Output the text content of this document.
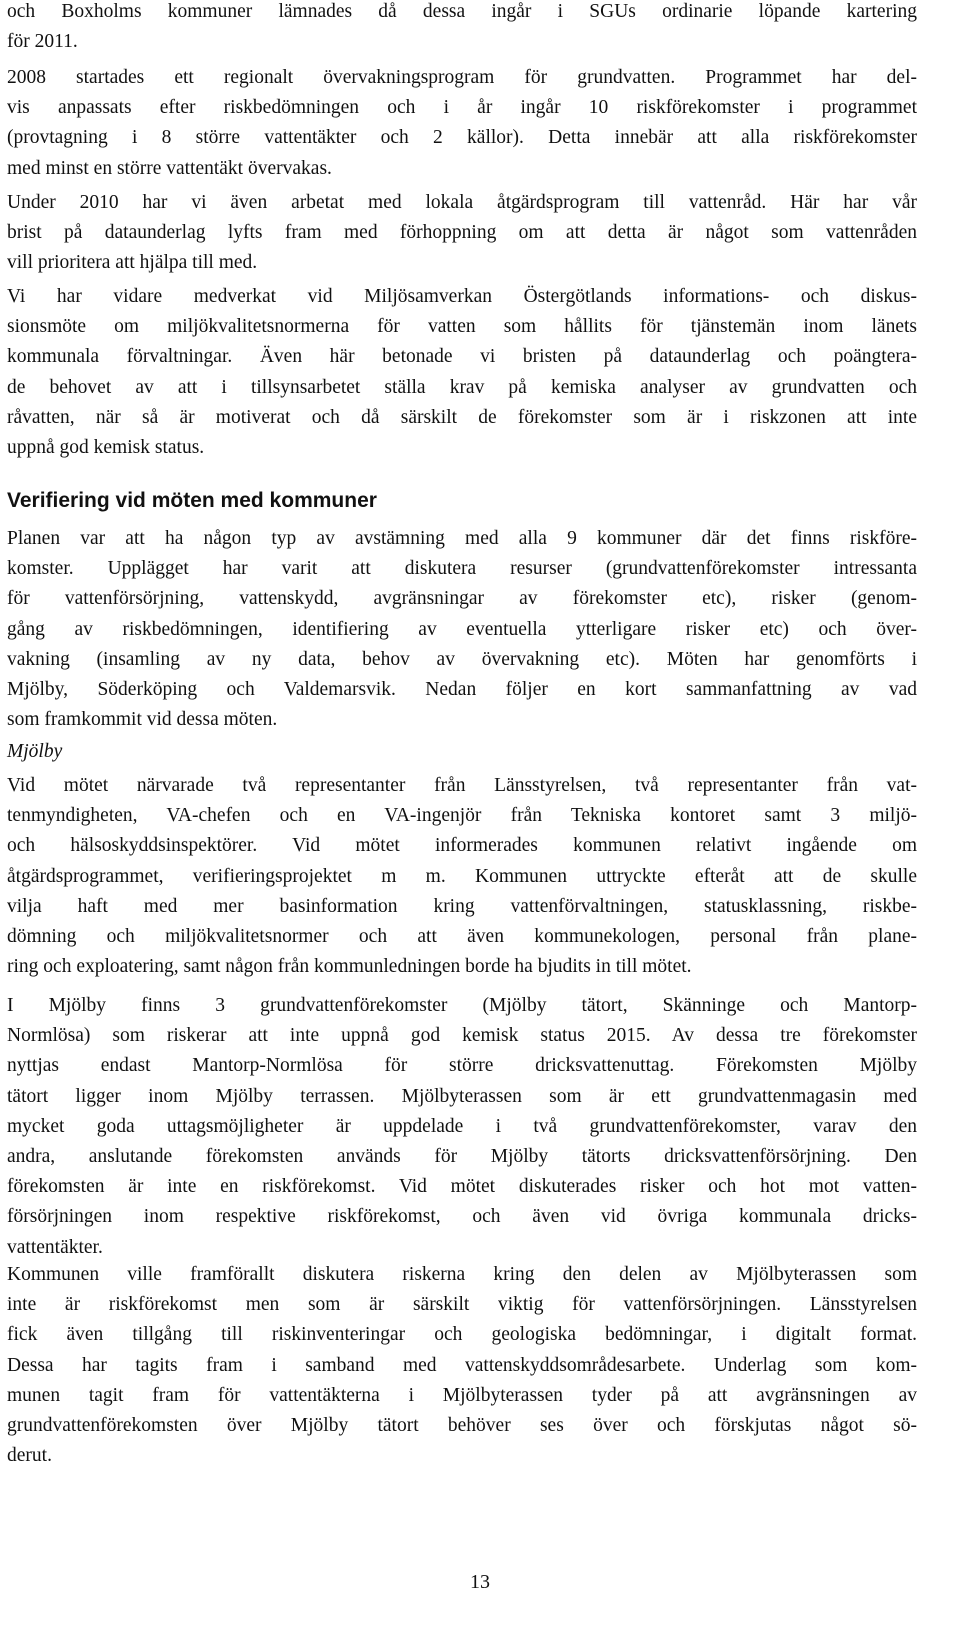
och Boxholms kommuner lämnades då dessa ingår i SGUs ordinarie löpande kartering
för 2011.
2008 startades ett regionalt övervakningsprogram för grundvatten. Programmet har del-
vis anpassats efter riskbedömningen och i år ingår 10 riskförekomster i programmet
(provtagning i 8 större vattentäkter och 2 källor). Detta innebär att alla riskförekomster
med minst en större vattentäkt övervakas.
Under 2010 har vi även arbetat med lokala åtgärdsprogram till vattenråd. Här har vår
brist på dataunderlag lyfts fram med förhoppning om att detta är något som vattenråden
vill prioritera att hjälpa till med.
Vi har vidare medverkat vid Miljösamverkan Östergötlands informations- och diskus-
sionsmöte om miljökvalitetsnormerna för vatten som hållits för tjänstemän inom länets
kommunala förvaltningar. Även här betonade vi bristen på dataunderlag och poängtera-
de behovet av att i tillsynsarbetet ställa krav på kemiska analyser av grundvatten och
råvatten, när så är motiverat och då särskilt de förekomster som är i riskzonen att inte
uppnå god kemisk status.
Verifiering vid möten med kommuner
Planen var att ha någon typ av avstämning med alla 9 kommuner där det finns riskföre-
komster. Upplägget har varit att diskutera resurser (grundvattenförekomster intressanta
för vattenförsörjning, vattenskydd, avgränsningar av förekomster etc), risker (genom-
gång av riskbedömningen, identifiering av eventuella ytterligare risker etc) och över-
vakning (insamling av ny data, behov av övervakning etc). Möten har genomförts i
Mjölby, Söderköping och Valdemarsvik. Nedan följer en kort sammanfattning av vad
som framkommit vid dessa möten.
Mjölby
Vid mötet närvarade två representanter från Länsstyrelsen, två representanter från vat-
tenmyndigheten, VA-chefen och en VA-ingenjör från Tekniska kontoret samt 3 miljö-
och hälsoskyddsinspektörer. Vid mötet informerades kommunen relativt ingående om
åtgärdsprogrammet, verifieringsprojektet m m. Kommunen uttryckte efteråt att de skulle
vilja haft med mer basinformation kring vattenförvaltningen, statusklassning, riskbe-
dömning och miljökvalitetsnormer och att även kommunekologen, personal från plane-
ring och exploatering, samt någon från kommunledningen borde ha bjudits in till mötet.
I Mjölby finns 3 grundvattenförekomster (Mjölby tätort, Skänninge och Mantorp-
Normlösa) som riskerar att inte uppnå god kemisk status 2015. Av dessa tre förekomster
nyttjas endast Mantorp-Normlösa för större dricksvattenuttag. Förekomsten Mjölby
tätort ligger inom Mjölby terrassen. Mjölbyterassen som är ett grundvattenmagasin med
mycket goda uttagsmöjligheter är uppdelade i två grundvattenförekomster, varav den
andra, anslutande förekomsten används för Mjölby tätorts dricksvattenförsörjning. Den
förekomsten är inte en riskförekomst. Vid mötet diskuterades risker och hot mot vatten-
försörjningen inom respektive riskförekomst, och även vid övriga kommunala dricks-
vattentäkter.
Kommunen ville framförallt diskutera riskerna kring den delen av Mjölbyterassen som
inte är riskförekomst men som är särskilt viktig för vattenförsörjningen. Länsstyrelsen
fick även tillgång till riskinventeringar och geologiska bedömningar, i digitalt format.
Dessa har tagits fram i samband med vattenskyddsområdesarbete. Underlag som kom-
munen tagit fram för vattentäkterna i Mjölbyterassen tyder på att avgränsningen av
grundvattenförekomsten över Mjölby tätort behöver ses över och förskjutas något sö-
derut.
13
